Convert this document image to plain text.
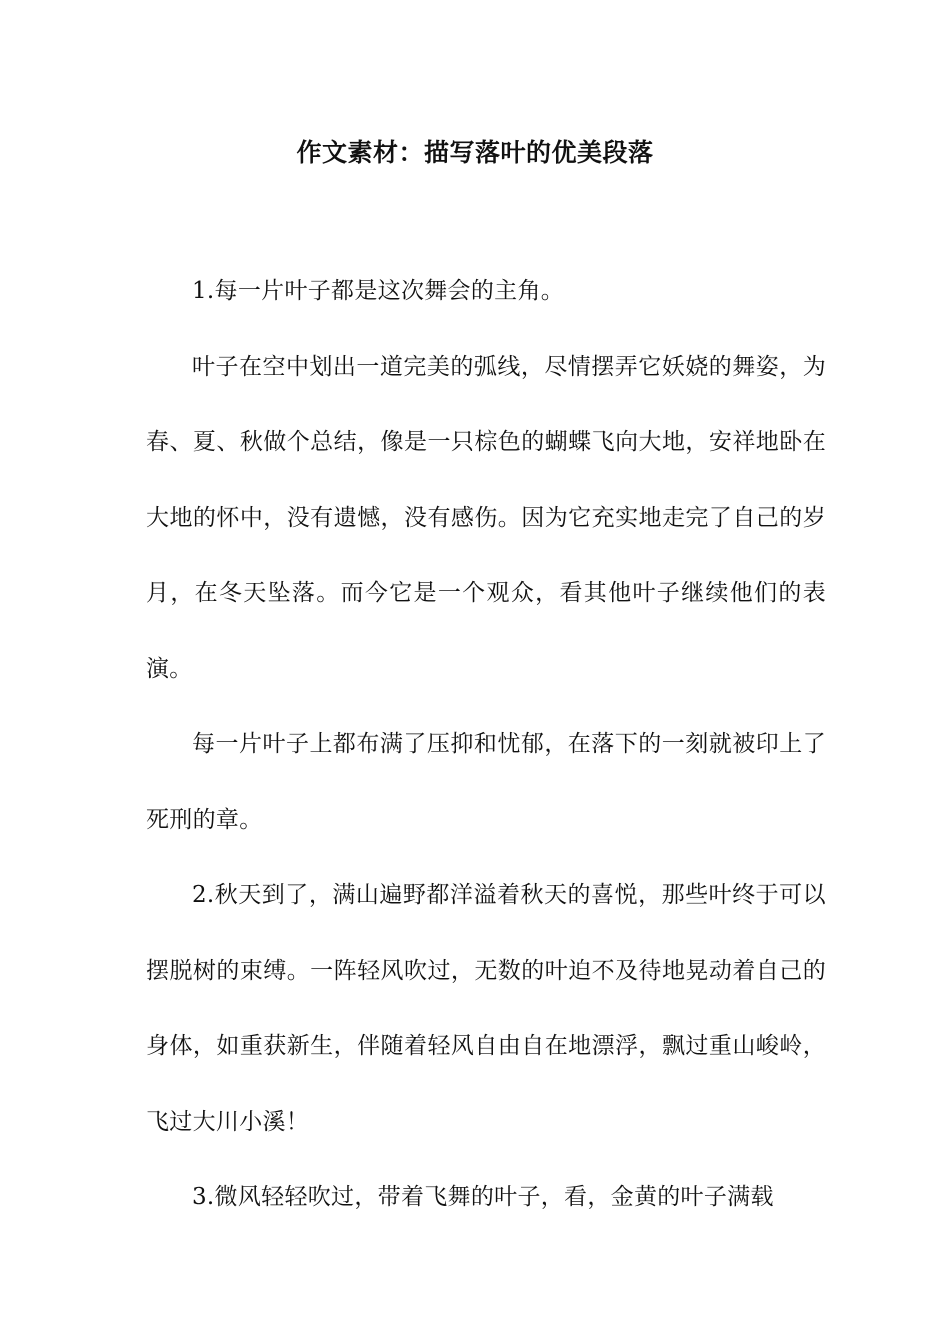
作文素材：描写落叶的优美段落

1.每一片叶子都是这次舞会的主角。

叶子在空中划出一道完美的弧线，尽情摆弄它妖娆的舞姿，为春、夏、秋做个总结，像是一只棕色的蝴蝶飞向大地，安祥地卧在大地的怀中，没有遗憾，没有感伤。因为它充实地走完了自己的岁月，在冬天坠落。而今它是一个观众，看其他叶子继续他们的表演。

每一片叶子上都布满了压抑和忧郁，在落下的一刻就被印上了死刑的章。

2.秋天到了，满山遍野都洋溢着秋天的喜悦，那些叶终于可以摆脱树的束缚。一阵轻风吹过，无数的叶迫不及待地晃动着自己的身体，如重获新生，伴随着轻风自由自在地漂浮，飘过重山峻岭，飞过大川小溪！

3.微风轻轻吹过，带着飞舞的叶子，看，金黄的叶子满载
